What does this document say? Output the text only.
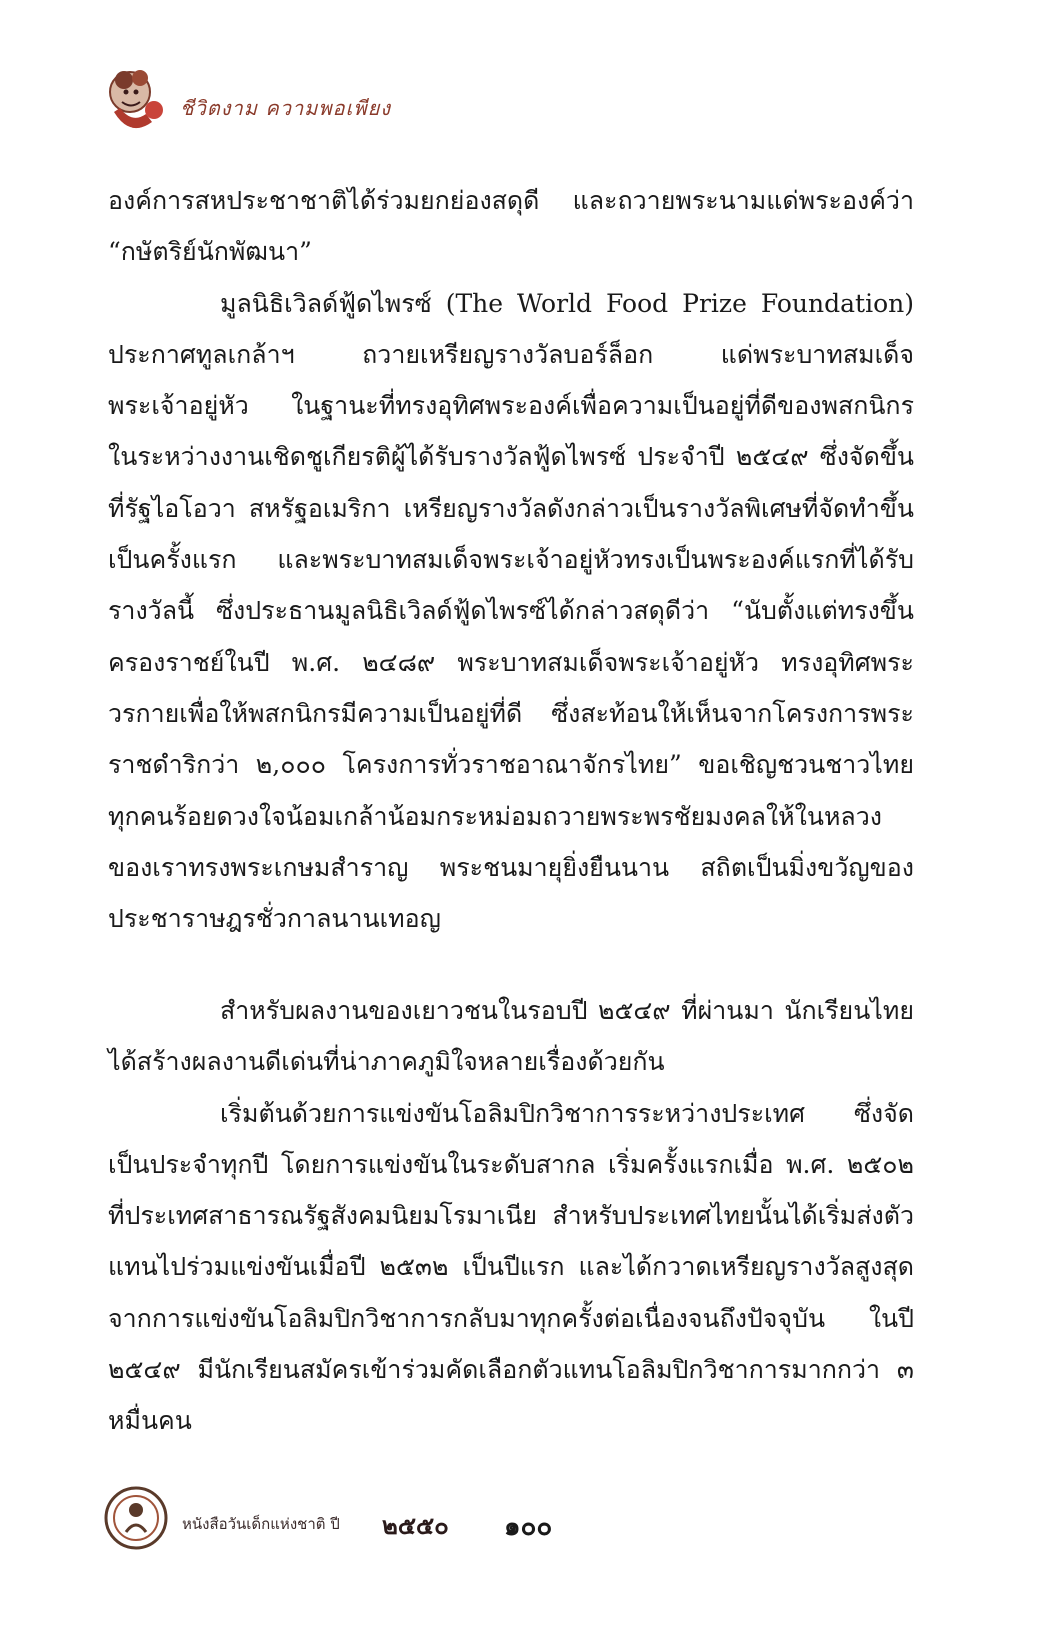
ชีวิตงาม ความพอเพียง

องค์การสหประชาชาติได้ร่วมยกย่องสดุดี และถวายพระนามแด่พระองค์ว่า “กษัตริย์นักพัฒนา”

มูลนิธิเวิลด์ฟู้ดไพรซ์ (The World Food Prize Foundation) ประกาศทูลเกล้าฯ ถวายเหรียญรางวัลบอร์ล็อก แด่พระบาทสมเด็จพระเจ้าอยู่หัว ในฐานะที่ทรงอุทิศพระองค์เพื่อความเป็นอยู่ที่ดีของพสกนิกร ในระหว่างงานเชิดชูเกียรติผู้ได้รับรางวัลฟู้ดไพรซ์ ประจำปี ๒๕๔๙ ซึ่งจัดขึ้นที่รัฐไอโอวา สหรัฐอเมริกา เหรียญรางวัลดังกล่าวเป็นรางวัลพิเศษที่จัดทำขึ้นเป็นครั้งแรก และพระบาทสมเด็จพระเจ้าอยู่หัวทรงเป็นพระองค์แรกที่ได้รับรางวัลนี้ ซึ่งประธานมูลนิธิเวิลด์ฟู้ดไพรซ์ได้กล่าวสดุดีว่า “นับตั้งแต่ทรงขึ้นครองราชย์ในปี พ.ศ. ๒๔๘๙ พระบาทสมเด็จพระเจ้าอยู่หัว ทรงอุทิศพระวรกายเพื่อให้พสกนิกรมีความเป็นอยู่ที่ดี ซึ่งสะท้อนให้เห็นจากโครงการพระราชดำริกว่า ๒,๐๐๐ โครงการทั่วราชอาณาจักรไทย” ขอเชิญชวนชาวไทยทุกคนร้อยดวงใจน้อมเกล้าน้อมกระหม่อมถวายพระพรชัยมงคลให้ในหลวงของเราทรงพระเกษมสำราญ พระชนมายุยิ่งยืนนาน สถิตเป็นมิ่งขวัญของประชาราษฎรชั่วกาลนานเทอญ

สำหรับผลงานของเยาวชนในรอบปี ๒๕๔๙ ที่ผ่านมา นักเรียนไทยได้สร้างผลงานดีเด่นที่น่าภาคภูมิใจหลายเรื่องด้วยกัน

เริ่มต้นด้วยการแข่งขันโอลิมปิกวิชาการระหว่างประเทศ ซึ่งจัดเป็นประจำทุกปี โดยการแข่งขันในระดับสากล เริ่มครั้งแรกเมื่อ พ.ศ. ๒๕๐๒ ที่ประเทศสาธารณรัฐสังคมนิยมโรมาเนีย สำหรับประเทศไทยนั้นได้เริ่มส่งตัวแทนไปร่วมแข่งขันเมื่อปี ๒๕๓๒ เป็นปีแรก และได้กวาดเหรียญรางวัลสูงสุดจากการแข่งขันโอลิมปิกวิชาการกลับมาทุกครั้งต่อเนื่องจนถึงปัจจุบัน ในปี ๒๕๔๙ มีนักเรียนสมัครเข้าร่วมคัดเลือกตัวแทนโอลิมปิกวิชาการมากกว่า ๓ หมื่นคน

หนังสือวันเด็กแห่งชาติ ปี ๒๕๕๐ ๑๐๐
